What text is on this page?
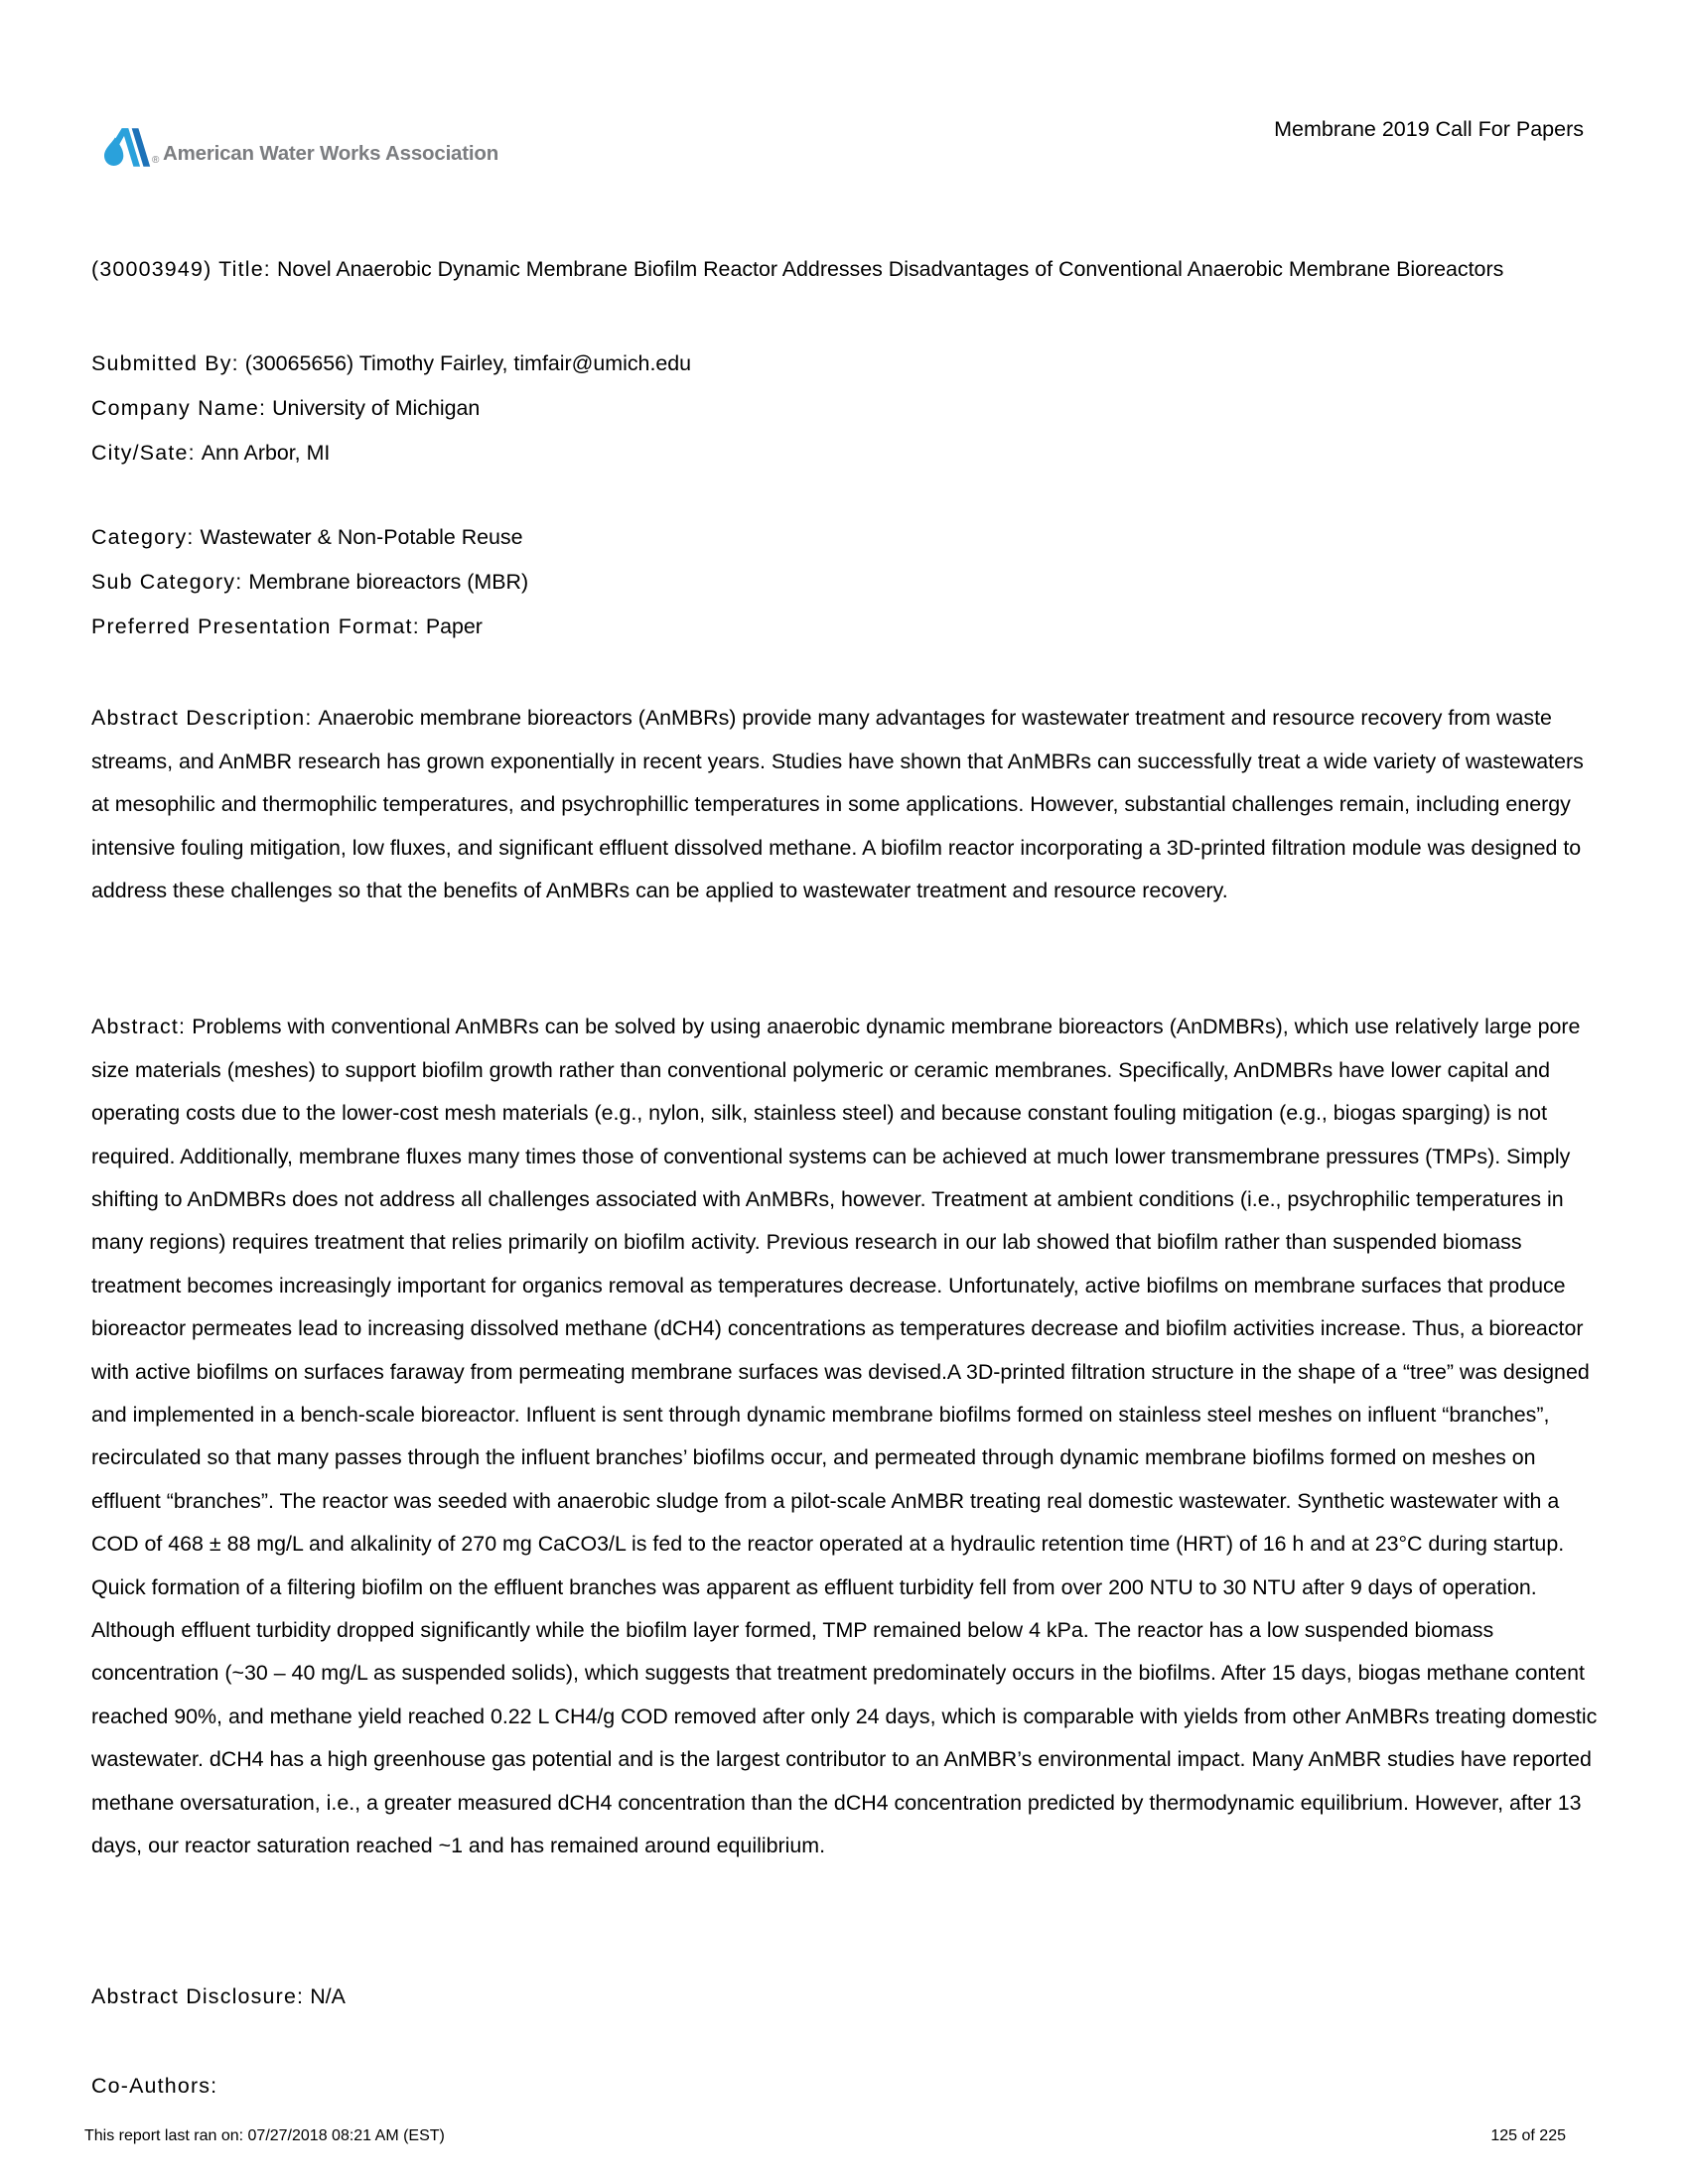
® American Water Works Association
Membrane 2019 Call For Papers

(30003949) Title: Novel Anaerobic Dynamic Membrane Biofilm Reactor Addresses Disadvantages of Conventional Anaerobic Membrane Bioreactors

Submitted By: (30065656) Timothy Fairley, timfair@umich.edu

Company Name: University of Michigan

City/Sate: Ann Arbor, MI

Category: Wastewater & Non-Potable Reuse

Sub Category: Membrane bioreactors (MBR)

Preferred Presentation Format: Paper

Abstract Description: Anaerobic membrane bioreactors (AnMBRs) provide many advantages for wastewater treatment and resource recovery from waste streams, and AnMBR research has grown exponentially in recent years. Studies have shown that AnMBRs can successfully treat a wide variety of wastewaters at mesophilic and thermophilic temperatures, and psychrophillic temperatures in some applications. However, substantial challenges remain, including energy intensive fouling mitigation, low fluxes, and significant effluent dissolved methane. A biofilm reactor incorporating a 3D-printed filtration module was designed to address these challenges so that the benefits of AnMBRs can be applied to wastewater treatment and resource recovery.

Abstract: Problems with conventional AnMBRs can be solved by using anaerobic dynamic membrane bioreactors (AnDMBRs), which use relatively large pore size materials (meshes) to support biofilm growth rather than conventional polymeric or ceramic membranes. Specifically, AnDMBRs have lower capital and operating costs due to the lower-cost mesh materials (e.g., nylon, silk, stainless steel) and because constant fouling mitigation (e.g., biogas sparging) is not required. Additionally, membrane fluxes many times those of conventional systems can be achieved at much lower transmembrane pressures (TMPs). Simply shifting to AnDMBRs does not address all challenges associated with AnMBRs, however. Treatment at ambient conditions (i.e., psychrophilic temperatures in many regions) requires treatment that relies primarily on biofilm activity. Previous research in our lab showed that biofilm rather than suspended biomass treatment becomes increasingly important for organics removal as temperatures decrease. Unfortunately, active biofilms on membrane surfaces that produce bioreactor permeates lead to increasing dissolved methane (dCH4) concentrations as temperatures decrease and biofilm activities increase. Thus, a bioreactor with active biofilms on surfaces faraway from permeating membrane surfaces was devised.A 3D-printed filtration structure in the shape of a “tree” was designed and implemented in a bench-scale bioreactor. Influent is sent through dynamic membrane biofilms formed on stainless steel meshes on influent “branches”, recirculated so that many passes through the influent branches’ biofilms occur, and permeated through dynamic membrane biofilms formed on meshes on effluent “branches”. The reactor was seeded with anaerobic sludge from a pilot-scale AnMBR treating real domestic wastewater. Synthetic wastewater with a COD of 468 ± 88 mg/L and alkalinity of 270 mg CaCO3/L is fed to the reactor operated at a hydraulic retention time (HRT) of 16 h and at 23°C during startup. Quick formation of a filtering biofilm on the effluent branches was apparent as effluent turbidity fell from over 200 NTU to 30 NTU after 9 days of operation. Although effluent turbidity dropped significantly while the biofilm layer formed, TMP remained below 4 kPa. The reactor has a low suspended biomass concentration (~30 – 40 mg/L as suspended solids), which suggests that treatment predominately occurs in the biofilms. After 15 days, biogas methane content reached 90%, and methane yield reached 0.22 L CH4/g COD removed after only 24 days, which is comparable with yields from other AnMBRs treating domestic wastewater. dCH4 has a high greenhouse gas potential and is the largest contributor to an AnMBR’s environmental impact. Many AnMBR studies have reported methane oversaturation, i.e., a greater measured dCH4 concentration than the dCH4 concentration predicted by thermodynamic equilibrium. However, after 13 days, our reactor saturation reached ~1 and has remained around equilibrium.

Abstract Disclosure: N/A

Co-Authors:

This report last ran on: 07/27/2018 08:21 AM (EST)	125 of 225
